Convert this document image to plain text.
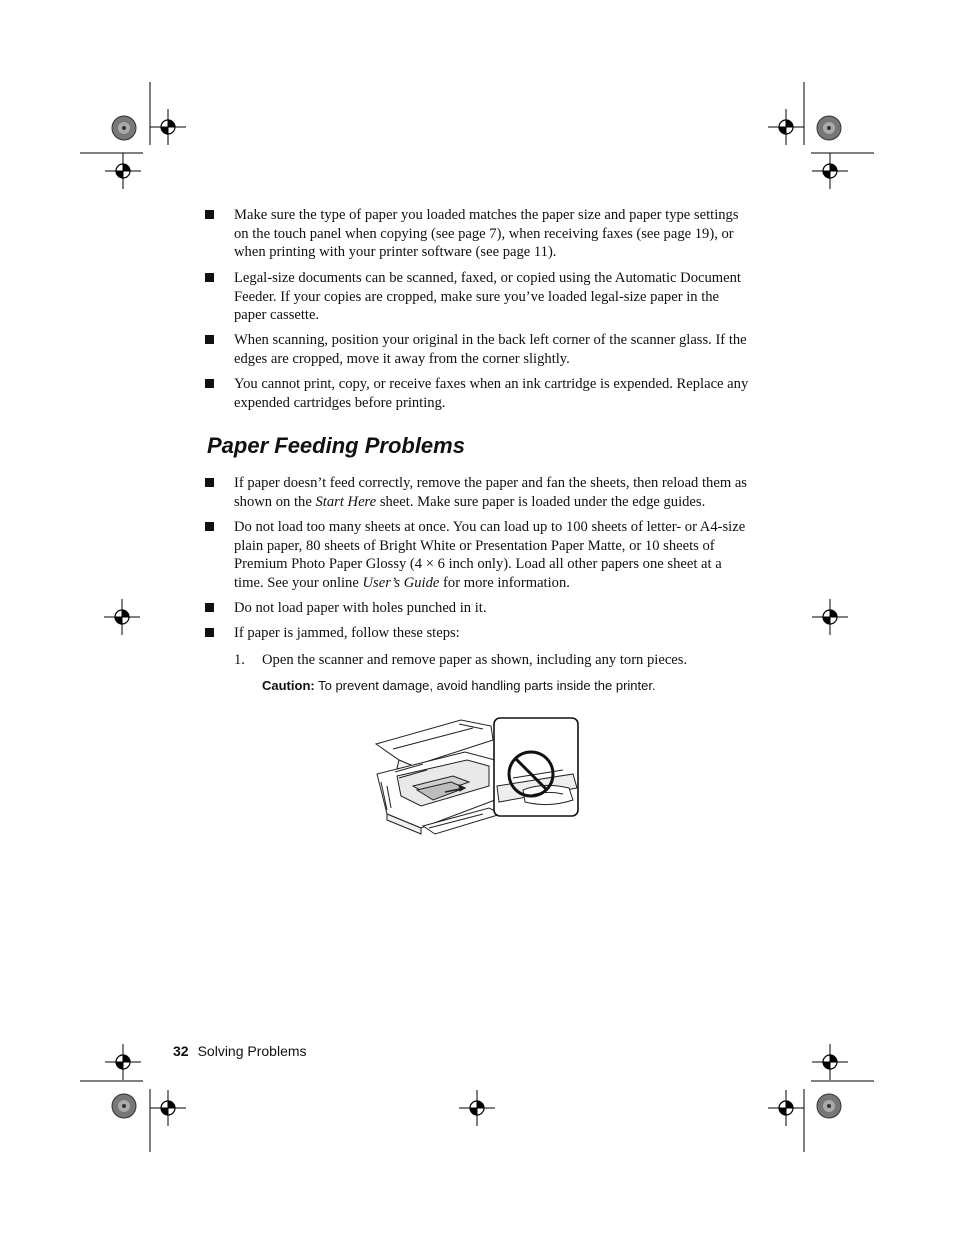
Make sure the type of paper you loaded matches the paper size and paper type settings on the touch panel when copying (see page 7), when receiving faxes (see page 19), or when printing with your printer software (see page 11).
Legal-size documents can be scanned, faxed, or copied using the Automatic Document Feeder. If your copies are cropped, make sure you’ve loaded legal-size paper in the paper cassette.
When scanning, position your original in the back left corner of the scanner glass. If the edges are cropped, move it away from the corner slightly.
You cannot print, copy, or receive faxes when an ink cartridge is expended. Replace any expended cartridges before printing.
Paper Feeding Problems
If paper doesn’t feed correctly, remove the paper and fan the sheets, then reload them as shown on the Start Here sheet. Make sure paper is loaded under the edge guides.
Do not load too many sheets at once. You can load up to 100 sheets of letter- or A4-size plain paper, 80 sheets of Bright White or Presentation Paper Matte, or 10 sheets of Premium Photo Paper Glossy (4 × 6 inch only). Load all other papers one sheet at a time. See your online User’s Guide for more information.
Do not load paper with holes punched in it.
If paper is jammed, follow these steps:
1. Open the scanner and remove paper as shown, including any torn pieces.
Caution: To prevent damage, avoid handling parts inside the printer.
32 Solving Problems
